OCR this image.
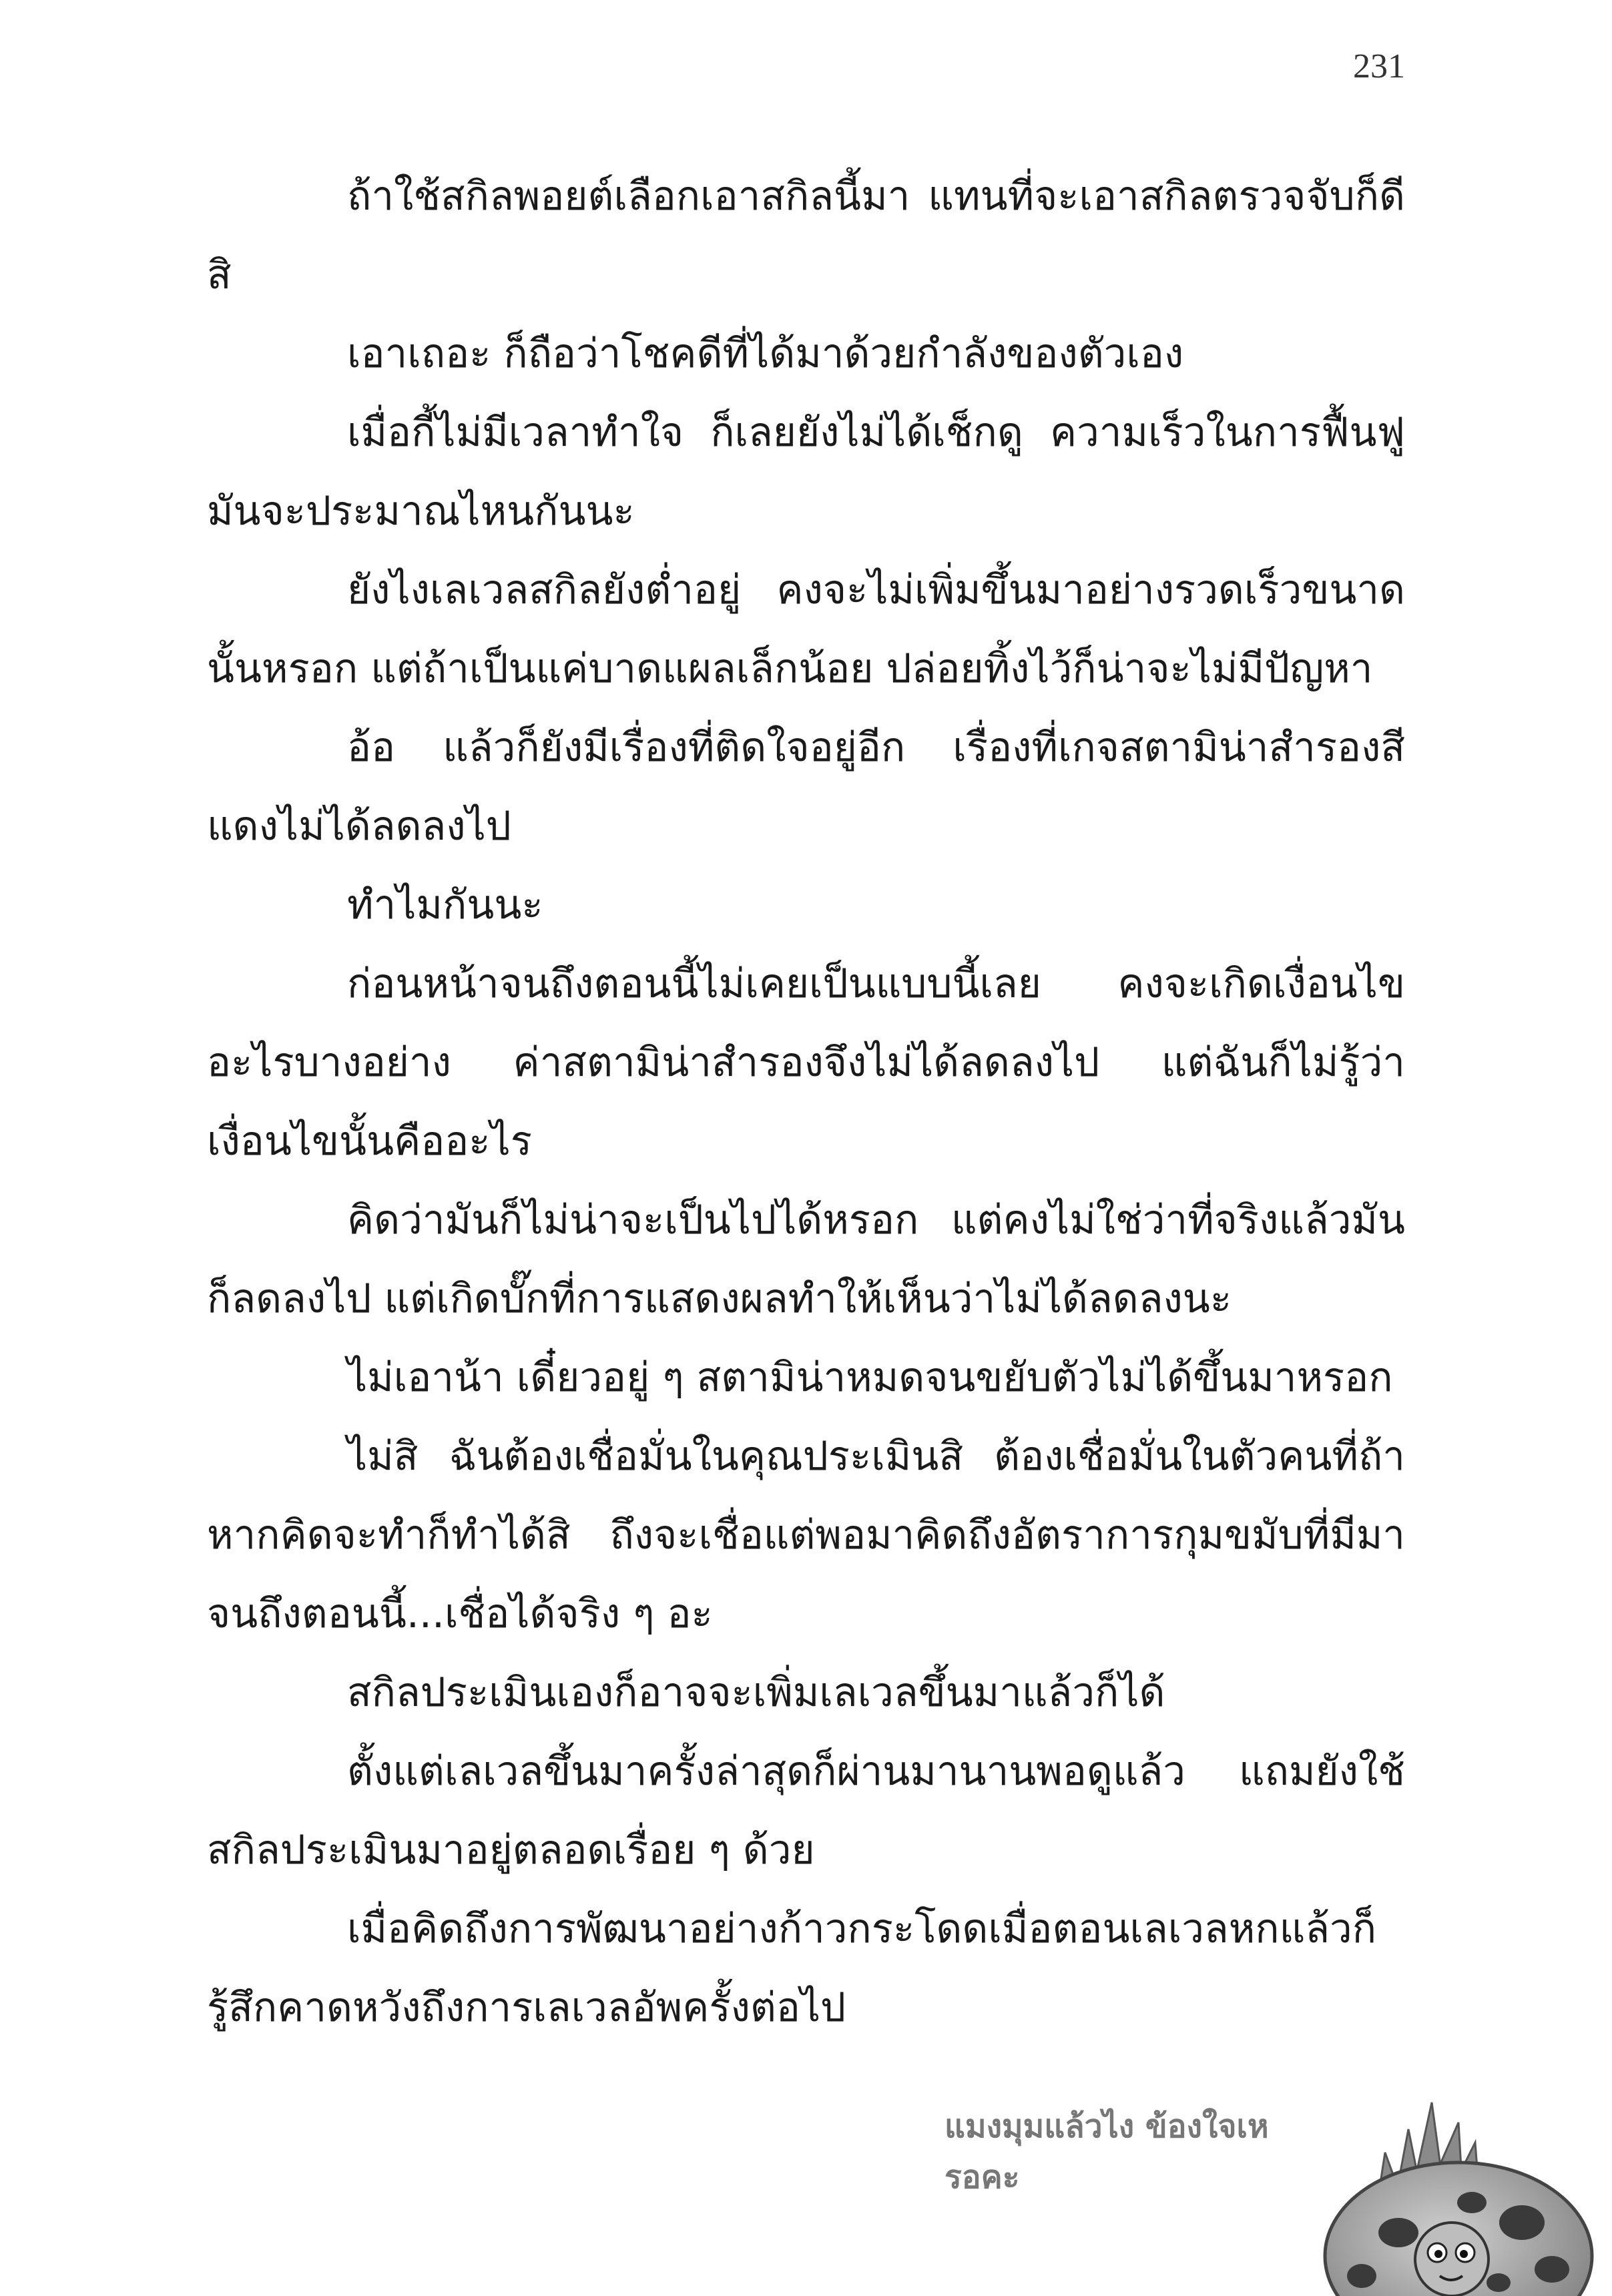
231

ถ้าใช้สกิลพอยต์เลือกเอาสกิลนี้มา แทนที่จะเอาสกิลตรวจจับก็ดีสิ

เอาเถอะ ก็ถือว่าโชคดีที่ได้มาด้วยกำลังของตัวเอง

เมื่อกี้ไม่มีเวลาทำใจ ก็เลยยังไม่ได้เช็กดู ความเร็วในการฟื้นฟูมันจะประมาณไหนกันนะ

ยังไงเลเวลสกิลยังต่ำอยู่ คงจะไม่เพิ่มขึ้นมาอย่างรวดเร็วขนาดนั้นหรอก แต่ถ้าเป็นแค่บาดแผลเล็กน้อย ปล่อยทิ้งไว้ก็น่าจะไม่มีปัญหา

อ้อ แล้วก็ยังมีเรื่องที่ติดใจอยู่อีก เรื่องที่เกจสตามิน่าสำรองสีแดงไม่ได้ลดลงไป

ทำไมกันนะ

ก่อนหน้าจนถึงตอนนี้ไม่เคยเป็นแบบนี้เลย คงจะเกิดเงื่อนไขอะไรบางอย่าง ค่าสตามิน่าสำรองจึงไม่ได้ลดลงไป แต่ฉันก็ไม่รู้ว่าเงื่อนไขนั้นคืออะไร

คิดว่ามันก็ไม่น่าจะเป็นไปได้หรอก แต่คงไม่ใช่ว่าที่จริงแล้วมันก็ลดลงไป แต่เกิดบั๊กที่การแสดงผลทำให้เห็นว่าไม่ได้ลดลงนะ

ไม่เอาน้า เดี๋ยวอยู่ ๆ สตามิน่าหมดจนขยับตัวไม่ได้ขึ้นมาหรอก

ไม่สิ ฉันต้องเชื่อมั่นในคุณประเมินสิ ต้องเชื่อมั่นในตัวคนที่ถ้าหากคิดจะทำก็ทำได้สิ ถึงจะเชื่อแต่พอมาคิดถึงอัตราการกุมขมับที่มีมาจนถึงตอนนี้...เชื่อได้จริง ๆ อะ

สกิลประเมินเองก็อาจจะเพิ่มเลเวลขึ้นมาแล้วก็ได้

ตั้งแต่เลเวลขึ้นมาครั้งล่าสุดก็ผ่านมานานพอดูแล้ว แถมยังใช้สกิลประเมินมาอยู่ตลอดเรื่อย ๆ ด้วย

เมื่อคิดถึงการพัฒนาอย่างก้าวกระโดดเมื่อตอนเลเวลหกแล้วก็รู้สึกคาดหวังถึงการเลเวลอัพครั้งต่อไป

แมงมุมแล้วไง ข้องใจเหรอคะ
